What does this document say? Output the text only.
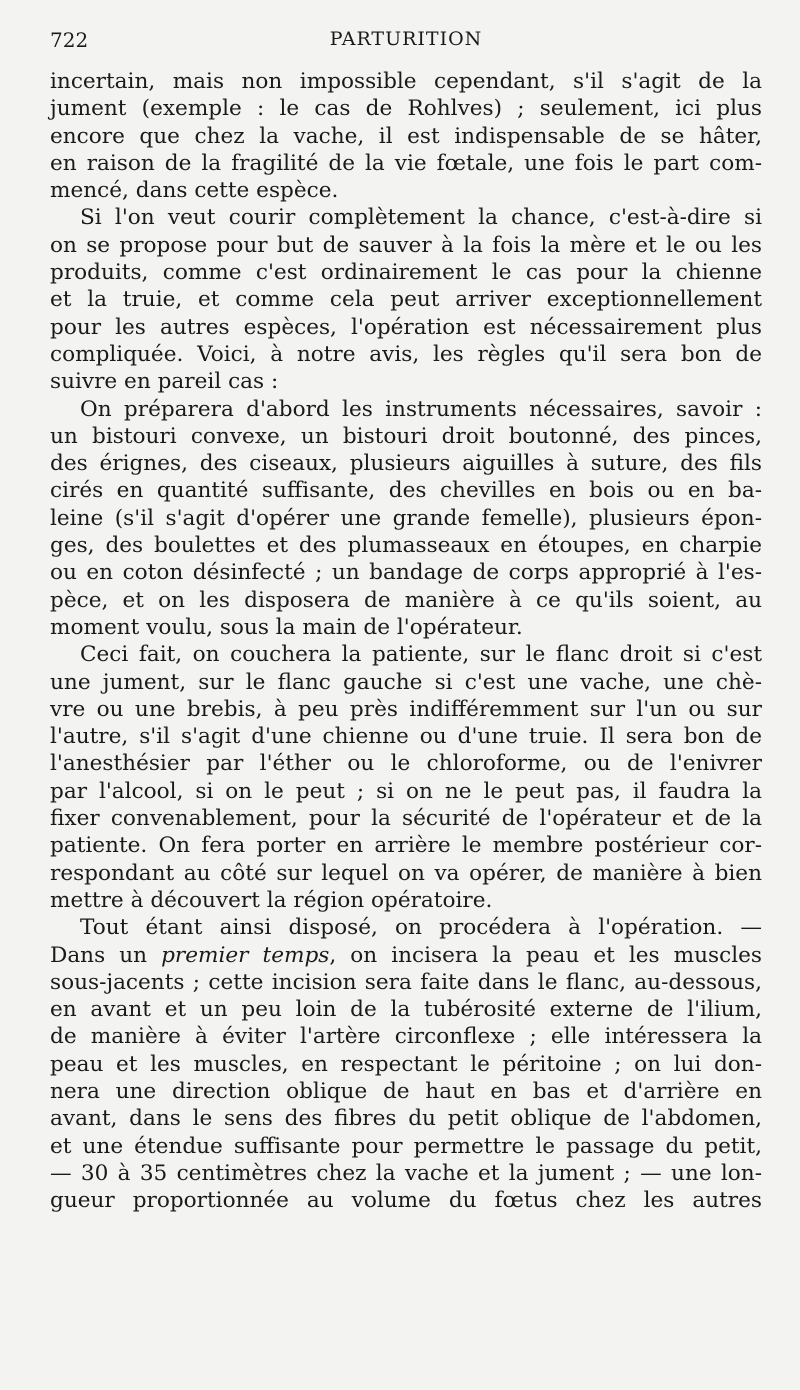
722	PARTURITION
incertain, mais non impossible cependant, s'il s'agit de la
jument (exemple : le cas de Rohlves) ; seulement, ici plus
encore que chez la vache, il est indispensable de se hâter,
en raison de la fragilité de la vie fœtale, une fois le part com-
mencé, dans cette espèce.
Si l'on veut courir complètement la chance, c'est-à-dire si
on se propose pour but de sauver à la fois la mère et le ou les
produits, comme c'est ordinairement le cas pour la chienne
et la truie, et comme cela peut arriver exceptionnellement
pour les autres espèces, l'opération est nécessairement plus
compliquée. Voici, à notre avis, les règles qu'il sera bon de
suivre en pareil cas :
On préparera d'abord les instruments nécessaires, savoir :
un bistouri convexe, un bistouri droit boutonné, des pinces,
des érignes, des ciseaux, plusieurs aiguilles à suture, des fils
cirés en quantité suffisante, des chevilles en bois ou en ba-
leine (s'il s'agit d'opérer une grande femelle), plusieurs épon-
ges, des boulettes et des plumasseaux en étoupes, en charpie
ou en coton désinfecté ; un bandage de corps approprié à l'es-
pèce, et on les disposera de manière à ce qu'ils soient, au
moment voulu, sous la main de l'opérateur.
Ceci fait, on couchera la patiente, sur le flanc droit si c'est
une jument, sur le flanc gauche si c'est une vache, une chè-
vre ou une brebis, à peu près indifféremment sur l'un ou sur
l'autre, s'il s'agit d'une chienne ou d'une truie. Il sera bon de
l'anesthésier par l'éther ou le chloroforme, ou de l'enivrer
par l'alcool, si on le peut ; si on ne le peut pas, il faudra la
fixer convenablement, pour la sécurité de l'opérateur et de la
patiente. On fera porter en arrière le membre postérieur cor-
respondant au côté sur lequel on va opérer, de manière à bien
mettre à découvert la région opératoire.
Tout étant ainsi disposé, on procédera à l'opération. —
Dans un premier temps, on incisera la peau et les muscles
sous-jacents ; cette incision sera faite dans le flanc, au-dessous,
en avant et un peu loin de la tubérosité externe de l'ilium,
de manière à éviter l'artère circonflexe ; elle intéressera la
peau et les muscles, en respectant le péritoine ; on lui don-
nera une direction oblique de haut en bas et d'arrière en
avant, dans le sens des fibres du petit oblique de l'abdomen,
et une étendue suffisante pour permettre le passage du petit,
— 30 à 35 centimètres chez la vache et la jument ; — une lon-
gueur proportionnée au volume du fœtus chez les autres
